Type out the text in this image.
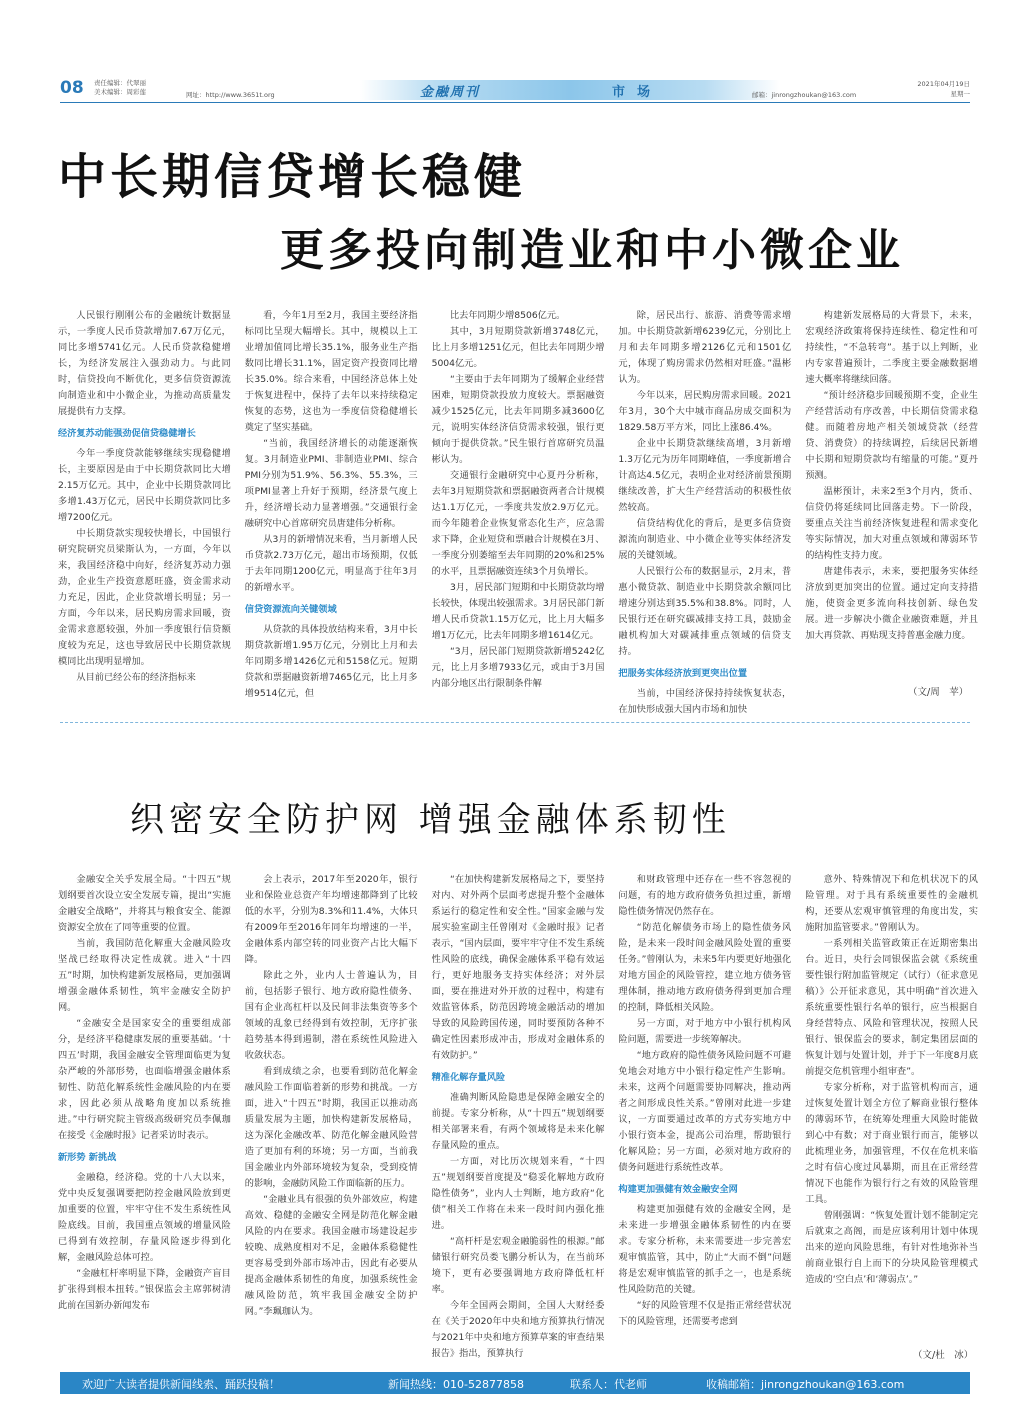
08 责任编辑：代翠丽
美术编辑：周彩莲	网址：http://www.3651t.org	金融周刊	市场	邮箱：jinrongzhoukan@163.com
2021年04月19日
星期一
中长期信贷增长稳健
更多投向制造业和中小微企业

人民银行刚刚公布的金融统计数据显示，一季度人民币贷款增加7.67万亿元，同比多增5741亿元。人民币贷款稳健增长，为经济发展注入强劲动力。与此同时，信贷投向不断优化，更多信贷资源流向制造业和中小微企业，为推动高质量发展提供有力支撑。

经济复苏动能强劲促信贷稳健增长

今年一季度贷款能够继续实现稳健增长，主要原因是由于中长期贷款同比大增2.15万亿元。其中，企业中长期贷款同比多增1.43万亿元，居民中长期贷款同比多增7200亿元。

中长期贷款实现较快增长，中国银行研究院研究员梁斯认为，一方面，今年以来，我国经济稳中向好，经济复苏动力强劲，企业生产投资意愿旺盛，资金需求动力充足，因此，企业贷款增长明显；另一方面，今年以来，居民购房需求回暖，资金需求意愿较强，外加一季度银行信贷额度较为充足，这也导致居民中长期贷款规模同比出现明显增加。

从目前已经公布的经济指标来

看，今年1月至2月，我国主要经济指标同比呈现大幅增长。其中，规模以上工业增加值同比增长35.1%，服务业生产指数同比增长31.1%，固定资产投资同比增长35.0%。综合来看，中国经济总体上处于恢复进程中，保持了去年以来持续稳定恢复的态势，这也为一季度信贷稳健增长奠定了坚实基础。

“当前，我国经济增长的动能逐渐恢复。3月制造业PMI、非制造业PMI、综合PMI分别为51.9%、56.3%、55.3%，三项PMI显著上升好于预期，经济景气度上升，经济增长动力显著增强。”交通银行金融研究中心首席研究员唐建伟分析称。

从3月的新增情况来看，当月新增人民币贷款2.73万亿元，超出市场预期，仅低于去年同期1200亿元，明显高于往年3月的新增水平。

信贷资源流向关键领域

从贷款的具体投放结构来看，3月中长期贷款新增1.95万亿元，分别比上月和去年同期多增1426亿元和5158亿元。短期贷款和票据融资新增7465亿元，比上月多增9514亿元，但

比去年同期少增8506亿元。

其中，3月短期贷款新增3748亿元，比上月多增1251亿元，但比去年同期少增5004亿元。

“主要由于去年同期为了缓解企业经营困难，短期贷款投放力度较大。票据融资减少1525亿元，比去年同期多减3600亿元，说明实体经济信贷需求较强，银行更倾向于提供贷款。”民生银行首席研究员温彬认为。

交通银行金融研究中心夏丹分析称，去年3月短期贷款和票据融资两者合计规模达1.1万亿元，一季度共发放2.9万亿元。而今年随着企业恢复常态化生产，应急需求下降，企业短贷和票融合计规模在3月、一季度分别萎缩至去年同期的20%和25%的水平，且票据融资连续3个月负增长。

3月，居民部门短期和中长期贷款均增长较快，体现出较强需求。3月居民部门新增人民币贷款1.15万亿元，比上月大幅多增1万亿元，比去年同期多增1614亿元。

“3月，居民部门短期贷款新增5242亿元，比上月多增7933亿元，或由于3月国内部分地区出行限制条件解

除，居民出行、旅游、消费等需求增加。中长期贷款新增6239亿元，分别比上月和去年同期多增2126亿元和1501亿元，体现了购房需求仍然相对旺盛。”温彬认为。

今年以来，居民购房需求回暖。2021年3月，30个大中城市商品房成交面积为1829.58万平方米，同比上涨86.4%。

企业中长期贷款继续高增，3月新增1.3万亿元为历年同期峰值，一季度新增合计高达4.5亿元，表明企业对经济前景预期继续改善，扩大生产经营活动的积极性依然较高。

信贷结构优化的背后，是更多信贷资源流向制造业、中小微企业等实体经济发展的关键领域。

人民银行公布的数据显示，2月末，普惠小微贷款、制造业中长期贷款余额同比增速分别达到35.5%和38.8%。同时，人民银行还在研究碳减排支持工具，鼓励金融机构加大对碳减排重点领域的信贷支持。

把服务实体经济放到更突出位置

当前，中国经济保持持续恢复状态，在加快形成强大国内市场和加快

构建新发展格局的大背景下，未来，宏观经济政策将保持连续性、稳定性和可持续性，“不急转弯”。基于以上判断，业内专家普遍预计，二季度主要金融数据增速大概率将继续回落。

“预计经济稳步回暖预期不变，企业生产经营活动有序改善，中长期信贷需求稳健。而随着房地产相关领域贷款（经营贷、消费贷）的持续调控，后续居民新增中长期和短期贷款均有缩量的可能。”夏丹预测。

温彬预计，未来2至3个月内，货币、信贷仍将延续同比回落走势。下一阶段，要重点关注当前经济恢复进程和需求变化等实际情况，加大对重点领域和薄弱环节的结构性支持力度。

唐建伟表示，未来，要把服务实体经济放到更加突出的位置。通过定向支持措施，使资金更多流向科技创新、绿色发展。进一步解决小微企业融资难题，并且加大再贷款、再贴现支持普惠金融力度。

（文/周　苹）
织密安全防护网 增强金融体系韧性

金融安全关乎发展全局。“十四五”规划纲要首次设立安全发展专篇，提出“实施金融安全战略”，并将其与粮食安全、能源资源安全放在了同等重要的位置。

当前，我国防范化解重大金融风险攻坚战已经取得决定性成就。进入“十四五”时期，加快构建新发展格局，更加强调增强金融体系韧性，筑牢金融安全防护网。

“金融安全是国家安全的重要组成部分，是经济平稳健康发展的重要基础。‘十四五’时期，我国金融安全管理面临更为复杂严峻的外部形势，也面临增强金融体系韧性、防范化解系统性金融风险的内在要求，因此必须从战略角度加以系统推进。”中行研究院主管级高级研究员李佩珈在接受《金融时报》记者采访时表示。

新形势 新挑战

金融稳，经济稳。党的十八大以来，党中央反复强调要把防控金融风险放到更加重要的位置，牢牢守住不发生系统性风险底线。目前，我国重点领域的增量风险已得到有效控制，存量风险逐步得到化解，金融风险总体可控。

“金融杠杆率明显下降，金融资产盲目扩张得到根本扭转。”银保监会主席郭树清此前在国新办新闻发布

会上表示，2017年至2020年，银行业和保险业总资产年均增速都降到了比较低的水平，分别为8.3%和11.4%，大体只有2009年至2016年同年均增速的一半，金融体系内部空转的同业资产占比大幅下降。

除此之外，业内人士普遍认为，目前，包括影子银行、地方政府隐性债务、国有企业高杠杆以及民间非法集资等多个领域的乱象已经得到有效控制，无序扩张趋势基本得到遏制，潜在系统性风险进入收敛状态。

看到成绩之余，也要看到防范化解金融风险工作面临着新的形势和挑战。一方面，进入“十四五”时期，我国正以推动高质量发展为主题，加快构建新发展格局，这为深化金融改革、防范化解金融风险营造了更加有利的环境；另一方面，当前我国金融业内外部环境较为复杂，受到疫情的影响，金融防风险工作面临新的压力。

“金融业具有很强的负外部效应，构建高效、稳健的金融安全网是防范化解金融风险的内在要求。我国金融市场建设起步较晚、成熟度相对不足，金融体系稳健性更容易受到外部市场冲击，因此有必要从提高金融体系韧性的角度，加强系统性金融风险防范，筑牢我国金融安全防护网。”李珮珈认为。

“在加快构建新发展格局之下，要坚持对内、对外两个层面考虑提升整个金融体系运行的稳定性和安全性。”国家金融与发展实验室副主任曾刚对《金融时报》记者表示，“国内层面，要牢牢守住不发生系统性风险的底线，确保金融体系平稳有效运行，更好地服务支持实体经济；对外层面，要在推进对外开放的过程中，构建有效监管体系，防范因跨境金融活动的增加导致的风险跨国传递，同时要预防各种不确定性因素形成冲击，形成对金融体系的有效防护。”

精准化解存量风险

准确判断风险隐患是保障金融安全的前提。专家分析称，从“十四五”规划纲要相关部署来看，有两个领域将是未来化解存量风险的重点。

一方面，对比历次规划来看，“十四五”规划纲要首度提及“稳妥化解地方政府隐性债务”，业内人士判断，地方政府“化债”相关工作将在未来一段时间内强化推进。

“高杆杆是宏观金融脆弱性的根源。”邮储银行研究员娄飞鹏分析认为，在当前环境下，更有必要强调地方政府降低杠杆率。

今年全国两会期间，全国人大财经委在《关于2020年中央和地方预算执行情况与2021年中央和地方预算草案的审查结果报告》指出，预算执行

和财政管理中还存在一些不容忽视的问题，有的地方政府债务负担过重，新增隐性债务情况仍然存在。

“防范化解债务市场上的隐性债务风险，是未来一段时间金融风险处置的重要任务。”曾刚认为，未来5年内要更好地强化对地方国企的风险管控，建立地方债务管理体制，推动地方政府债务得到更加合理的控制，降低相关风险。

另一方面，对于地方中小银行机构风险问题，需要进一步统筹解决。

“地方政府的隐性债务风险问题不可避免地会对地方中小银行稳定性产生影响。未来，这两个问题需要协同解决，推动两者之间形成良性关系。”曾刚对此进一步建议，一方面要通过改革的方式夯实地方中小银行资本金，提高公司治理，帮助银行化解风险；另一方面，必须对地方政府的债务问题进行系统性改革。

构建更加强健有效金融安全网

构建更加强健有效的金融安全网，是未来进一步增强金融体系韧性的内在要求。专家分析称，未来需要进一步完善宏观审慎监管，其中，防止“大而不倒”问题将是宏观审慎监管的抓手之一，也是系统性风险防范的关键。

“好的风险管理不仅是指正常经营状况下的风险管理，还需要考虑到

意外、特殊情况下和危机状况下的风险管理。对于具有系统重要性的金融机构，还要从宏观审慎管理的角度出发，实施附加监管要求。”曾刚认为。

一系列相关监管政策正在近期密集出台。近日，央行会同银保监会就《系统重要性银行附加监管规定（试行）（征求意见稿）》公开征求意见，其中明确“首次进入系统重要性银行名单的银行，应当根据自身经营特点、风险和管理状况，按照人民银行、银保监会的要求，制定集团层面的恢复计划与处置计划，并于下一年度8月底前提交危机管理小组审查”。

专家分析称，对于监管机构而言，通过恢复处置计划全方位了解商业银行整体的薄弱环节，在统筹处理重大风险时能做到心中有数；对于商业银行而言，能够以此梳理业务，加强管理，不仅在危机来临之时有信心度过风暴期，而且在正常经营情况下也能作为银行行之有效的风险管理工具。

曾刚强调：“恢复处置计划不能制定完后就束之高阁，而是应该利用计划中体现出来的逆向风险思维，有针对性地弥补当前商业银行自上而下的分块风险管理模式造成的‘空白点’和‘薄弱点’。”

（文/杜　冰）
欢迎广大读者提供新闻线索、踊跃投稿！	新闻热线：010-52877858	联系人：代老师	收稿邮箱：jinrongzhoukan@163.com
